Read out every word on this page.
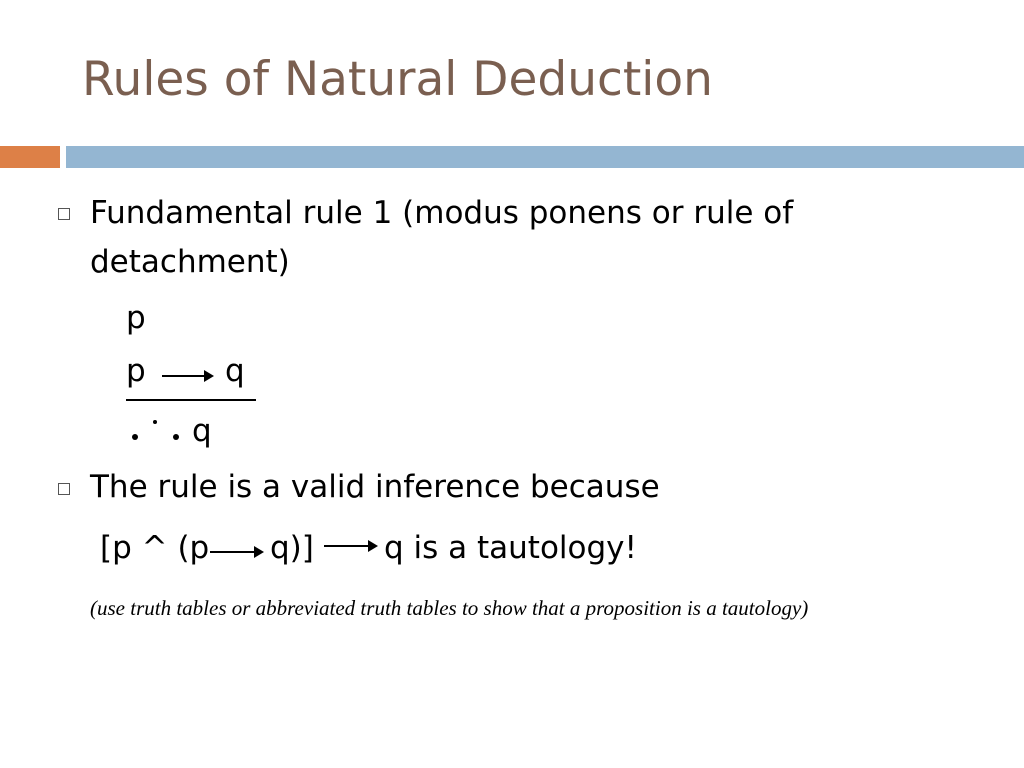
Rules of Natural Deduction
Fundamental rule 1 (modus ponens or rule of
detachment)
p
p	q
q
The rule is a valid inference because
[p ^ (p q)] q is a tautology!
(use truth tables or abbreviated truth tables to show that a proposition is a tautology)
